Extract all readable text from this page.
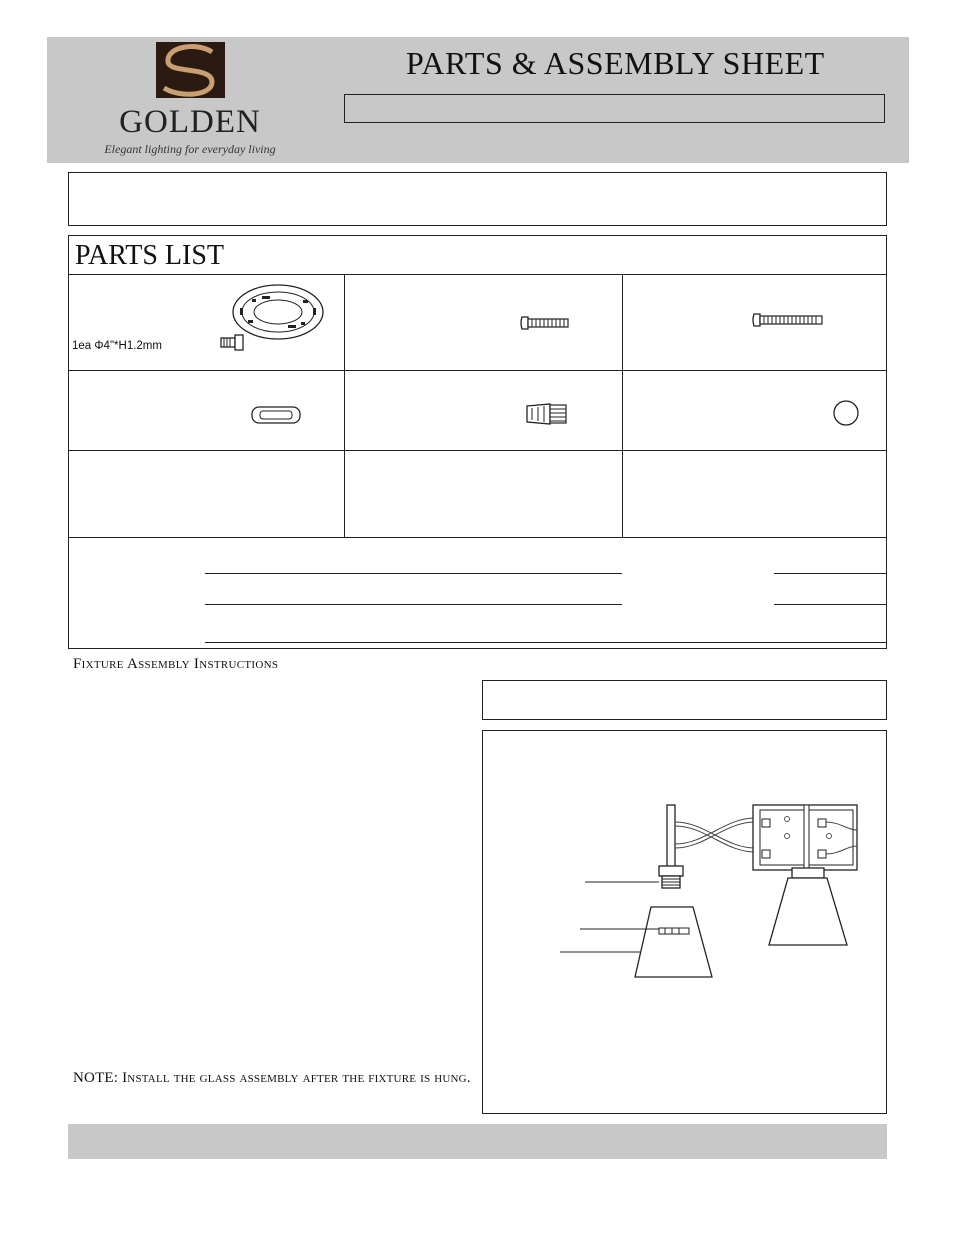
GOLDEN
Elegant lighting for everyday living
PARTS & ASSEMBLY SHEET
PARTS LIST
1ea Φ4"*H1.2mm
Fixture Assembly Instructions
NOTE: Install the glass assembly after the fixture is hung.
